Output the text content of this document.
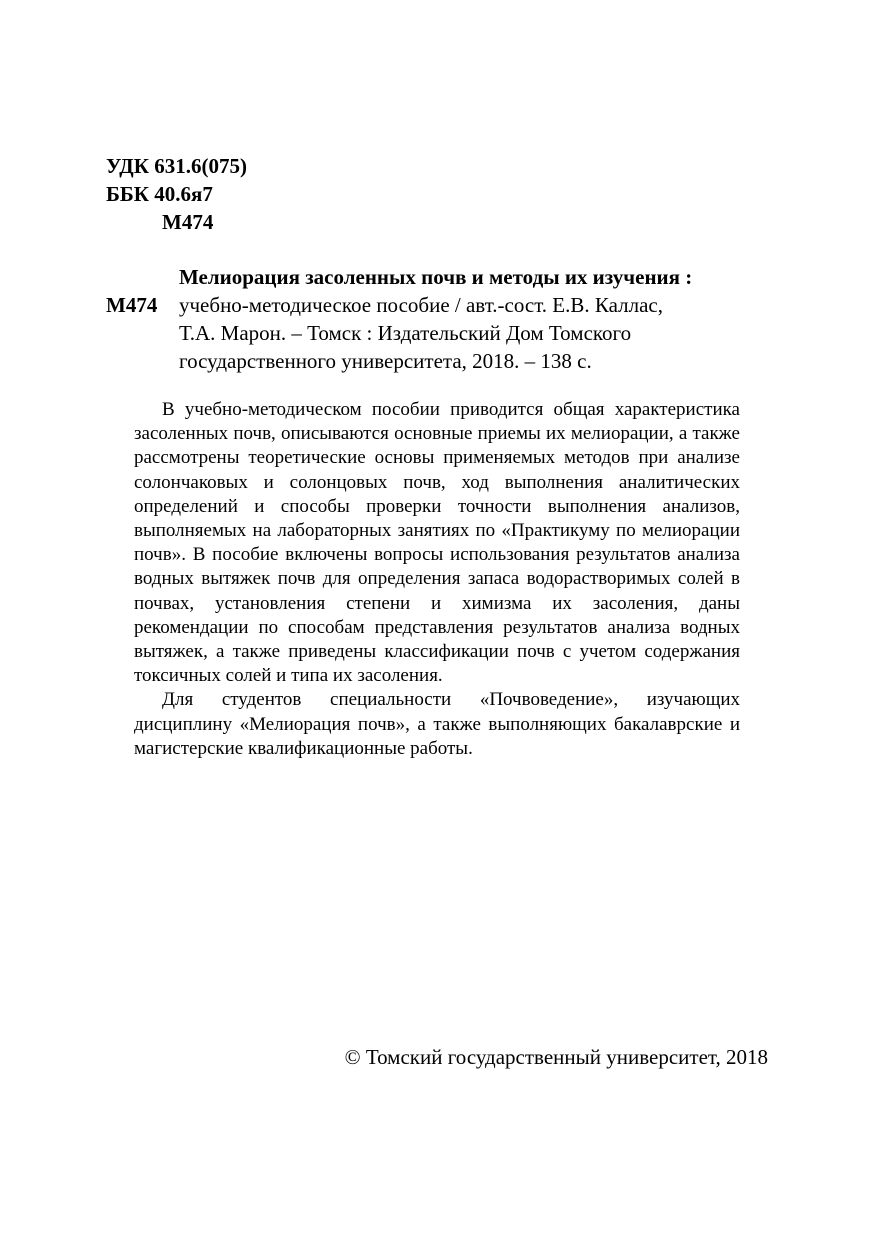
УДК 631.6(075)
ББК 40.6я7
М474
М474
Мелиорация засоленных почв и методы их изучения :
учебно-методическое пособие / авт.-сост. Е.В. Каллас,
Т.А. Марон. – Томск : Издательский Дом Томского
государственного университета, 2018. – 138 с.

В учебно-методическом пособии приводится общая характеристика засоленных почв, описываются основные приемы их мелиорации, а также рассмотрены теоретические основы применяемых методов при анализе солончаковых и солонцовых почв, ход выполнения аналитических определений и способы проверки точности выполнения анализов, выполняемых на лабораторных занятиях по «Практикуму по мелиорации почв». В пособие включены вопросы использования результатов анализа водных вытяжек почв для определения запаса водорастворимых солей в почвах, установления степени и химизма их засоления, даны рекомендации по способам представления результатов анализа водных вытяжек, а также приведены классификации почв с учетом содержания токсичных солей и типа их засоления.

Для студентов специальности «Почвоведение», изучающих дисциплину «Мелиорация почв», а также выполняющих бакалаврские и магистерские квалификационные работы.

© Томский государственный университет, 2018
